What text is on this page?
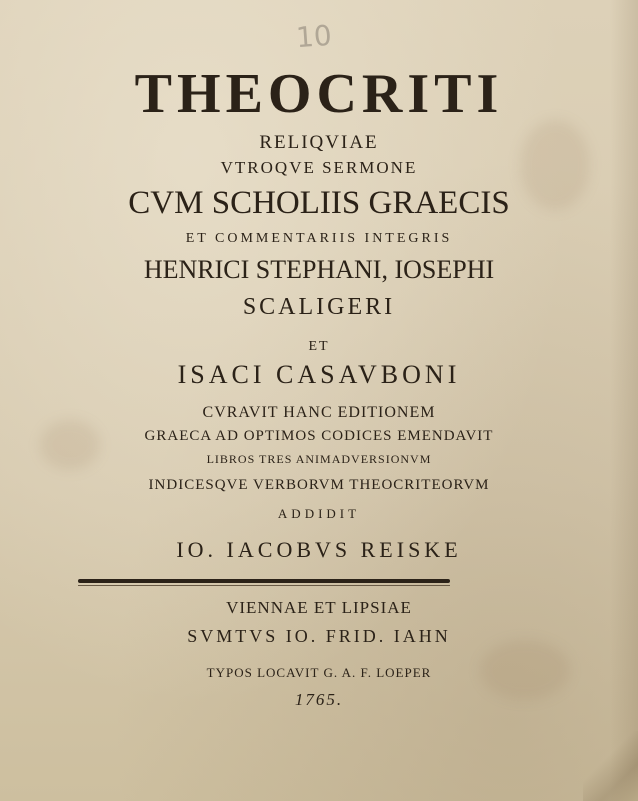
10
THEOCRITI
RELIQVIAE
VTROQVE SERMONE
CVM SCHOLIIS GRAECIS
ET COMMENTARIIS INTEGRIS
HENRICI STEPHANI, IOSEPHI
SCALIGERI
ET
ISACI CASAVBONI
CVRAVIT HANC EDITIONEM
GRAECA AD OPTIMOS CODICES EMENDAVIT
LIBROS TRES ANIMADVERSIONVM
INDICESQVE VERBORVM THEOCRITEORVM
ADDIDIT
IO. IACOBVS REISKE
VIENNAE ET LIPSIAE
SVMTVS IO. FRID. IAHN
TYPOS LOCAVIT G. A. F. LOEPER
1765.
